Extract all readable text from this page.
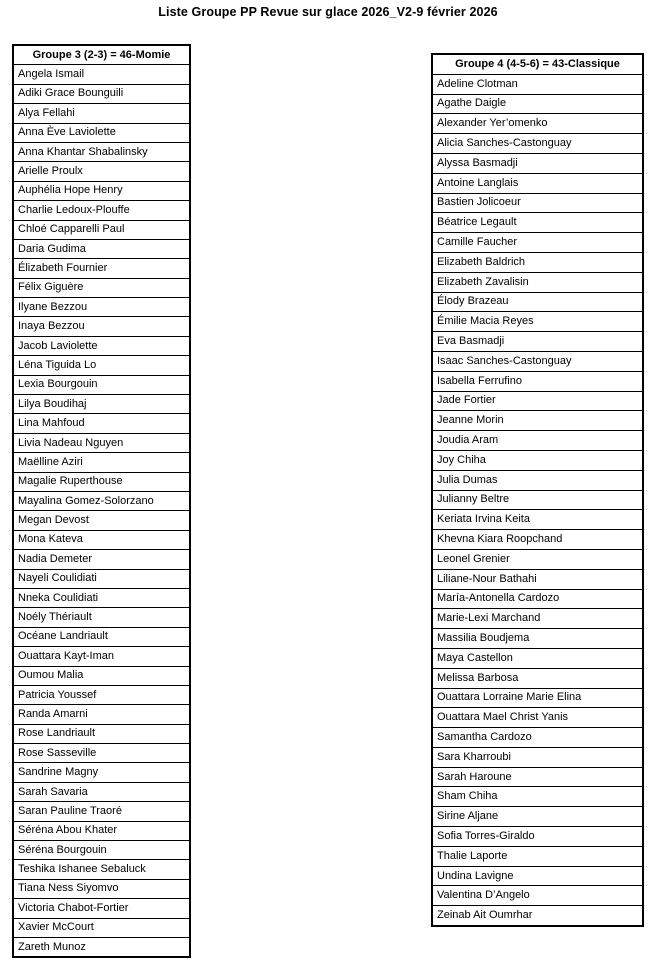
Liste Groupe PP Revue sur glace 2026_V2-9 février 2026
Groupe 3 (2-3) = 46-Momie
Angela Ismail
Adiki Grace Bounguili
Alya Fellahi
Anna Ève Laviolette
Anna Khantar Shabalinsky
Arielle Proulx
Auphélia Hope Henry
Charlie Ledoux-Plouffe
Chloé Capparelli Paul
Daria Gudima
Élizabeth Fournier
Félix Giguère
Ilyane Bezzou
Inaya Bezzou
Jacob Laviolette
Léna Tiguida Lo
Lexia Bourgouin
Lilya Boudihaj
Lina Mahfoud
Livia Nadeau Nguyen
Maëlline Aziri
Magalie Ruperthouse
Mayalina Gomez-Solorzano
Megan Devost
Mona Kateva
Nadia Demeter
Nayeli Coulidiati
Nneka Coulidiati
Noély Thériault
Océane Landriault
Ouattara Kayt-Iman
Oumou Malia
Patricia Youssef
Randa Amarni
Rose Landriault
Rose Sasseville
Sandrine Magny
Sarah Savaria
Saran Pauline Traoré
Séréna Abou Khater
Séréna Bourgouin
Teshika Ishanee Sebaluck
Tiana Ness Siyomvo
Victoria Chabot-Fortier
Xavier McCourt
Zareth Munoz
Groupe 4 (4-5-6) = 43-Classique
Adeline Clotman
Agathe Daigle
Alexander Yer’omenko
Alicia Sanches-Castonguay
Alyssa Basmadji
Antoine Langlais
Bastien Jolicoeur
Béatrice Legault
Camille Faucher
Elizabeth Baldrich
Elizabeth Zavalisin
Élody Brazeau
Émilie Macia Reyes
Eva Basmadji
Isaac Sanches-Castonguay
Isabella Ferrufino
Jade Fortier
Jeanne Morin
Joudia Aram
Joy Chiha
Julia Dumas
Julianny Beltre
Keriata Irvina Keita
Khevna Kiara Roopchand
Leonel Grenier
Liliane-Nour Bathahi
María-Antonella Cardozo
Marie-Lexi Marchand
Massilia Boudjema
Maya Castellon
Melissa Barbosa
Ouattara Lorraine Marie Elina
Ouattara Mael Christ Yanis
Samantha Cardozo
Sara Kharroubi
Sarah Haroune
Sham Chiha
Sirine Aljane
Sofia Torres-Giraldo
Thalie Laporte
Undina Lavigne
Valentina D’Angelo
Zeinab Ait Oumrhar
